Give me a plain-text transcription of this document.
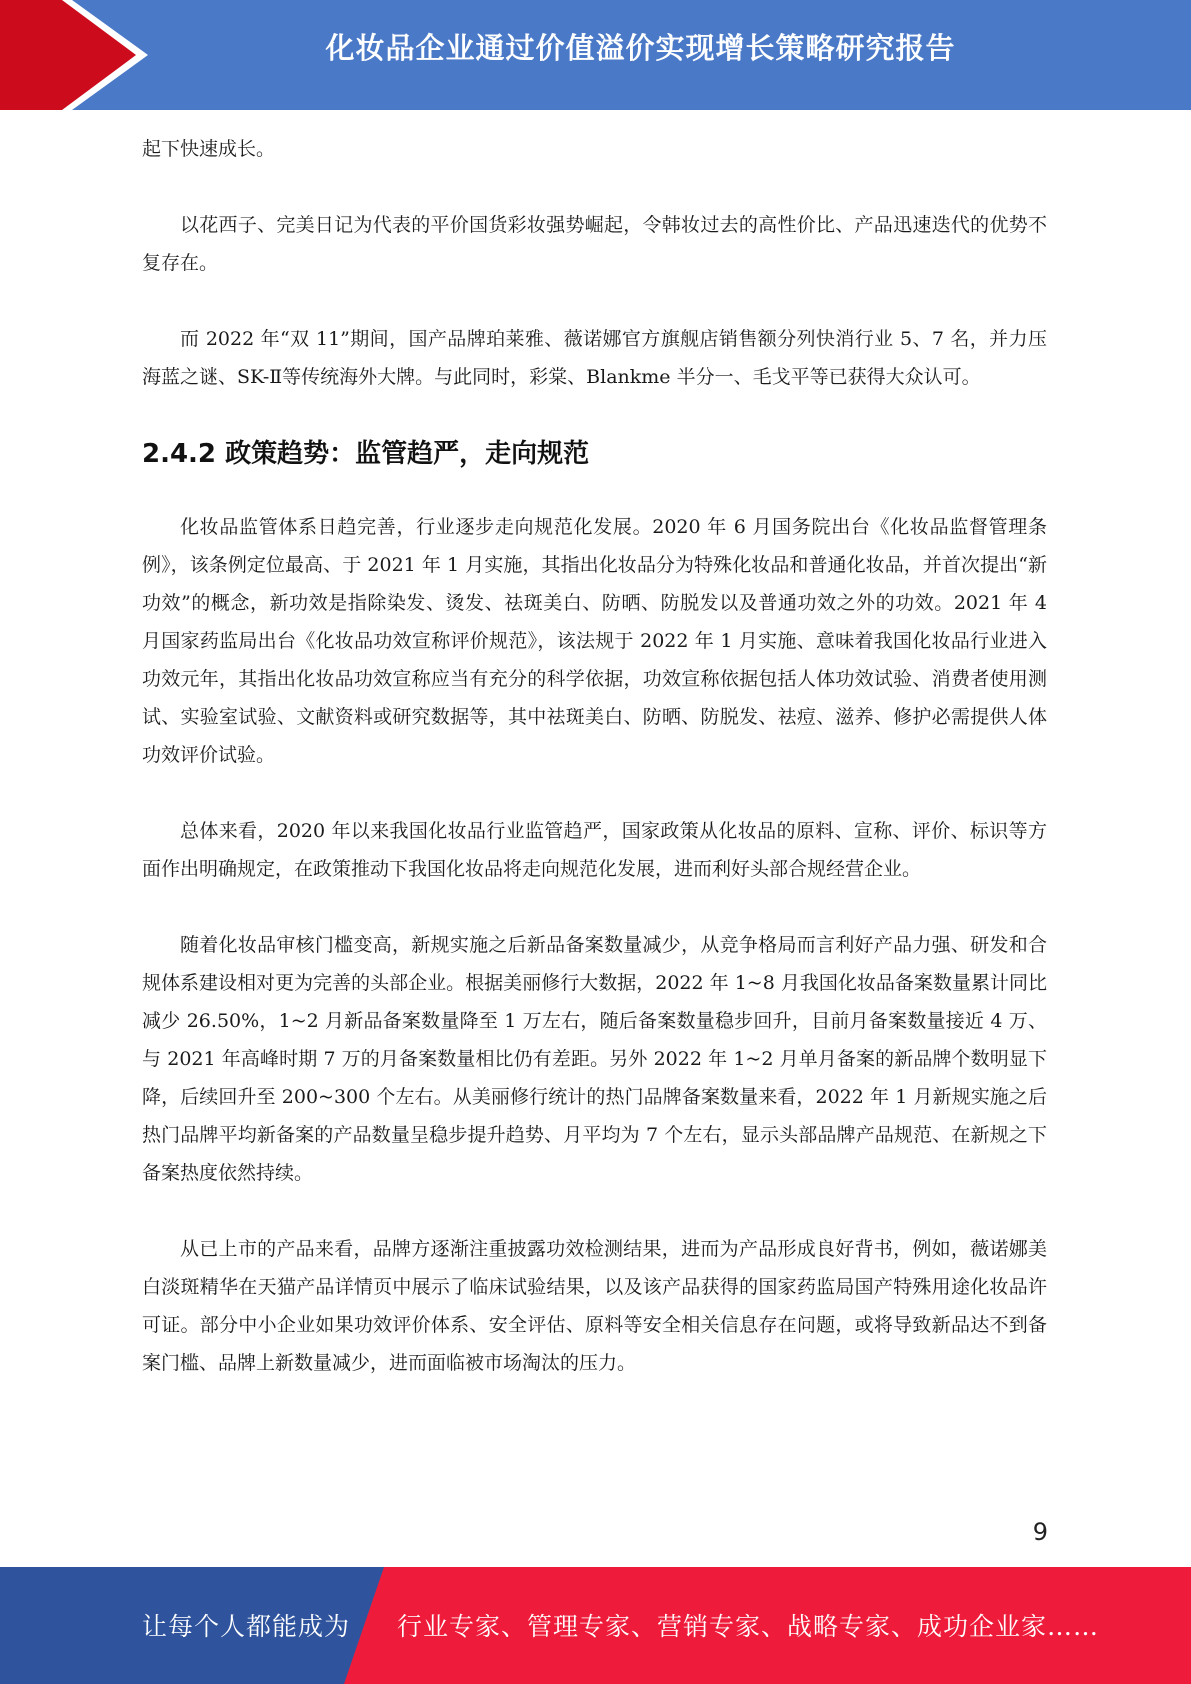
化妆品企业通过价值溢价实现增长策略研究报告

起下快速成长。

以花西子、完美日记为代表的平价国货彩妆强势崛起，令韩妆过去的高性价比、产品迅速迭代的优势不复存在。

而 2022 年“双 11”期间，国产品牌珀莱雅、薇诺娜官方旗舰店销售额分列快消行业 5、7 名，并力压海蓝之谜、SK-Ⅱ等传统海外大牌。与此同时，彩棠、Blankme 半分一、毛戈平等已获得大众认可。

2.4.2 政策趋势：监管趋严，走向规范

化妆品监管体系日趋完善，行业逐步走向规范化发展。2020 年 6 月国务院出台《化妆品监督管理条例》，该条例定位最高、于 2021 年 1 月实施，其指出化妆品分为特殊化妆品和普通化妆品，并首次提出“新功效”的概念，新功效是指除染发、烫发、祛斑美白、防晒、防脱发以及普通功效之外的功效。2021 年 4 月国家药监局出台《化妆品功效宣称评价规范》，该法规于 2022 年 1 月实施、意味着我国化妆品行业进入功效元年，其指出化妆品功效宣称应当有充分的科学依据，功效宣称依据包括人体功效试验、消费者使用测试、实验室试验、文献资料或研究数据等，其中祛斑美白、防晒、防脱发、祛痘、滋养、修护必需提供人体功效评价试验。

总体来看，2020 年以来我国化妆品行业监管趋严，国家政策从化妆品的原料、宣称、评价、标识等方面作出明确规定，在政策推动下我国化妆品将走向规范化发展，进而利好头部合规经营企业。

随着化妆品审核门槛变高，新规实施之后新品备案数量减少，从竞争格局而言利好产品力强、研发和合规体系建设相对更为完善的头部企业。根据美丽修行大数据，2022 年 1~8 月我国化妆品备案数量累计同比减少 26.50%，1~2 月新品备案数量降至 1 万左右，随后备案数量稳步回升，目前月备案数量接近 4 万、与 2021 年高峰时期 7 万的月备案数量相比仍有差距。另外 2022 年 1~2 月单月备案的新品牌个数明显下降，后续回升至 200~300 个左右。从美丽修行统计的热门品牌备案数量来看，2022 年 1 月新规实施之后热门品牌平均新备案的产品数量呈稳步提升趋势、月平均为 7 个左右，显示头部品牌产品规范、在新规之下备案热度依然持续。

从已上市的产品来看，品牌方逐渐注重披露功效检测结果，进而为产品形成良好背书，例如，薇诺娜美白淡斑精华在天猫产品详情页中展示了临床试验结果，以及该产品获得的国家药监局国产特殊用途化妆品许可证。部分中小企业如果功效评价体系、安全评估、原料等安全相关信息存在问题，或将导致新品达不到备案门槛、品牌上新数量减少，进而面临被市场淘汰的压力。

9
让每个人都能成为 行业专家、管理专家、营销专家、战略专家、成功企业家……
